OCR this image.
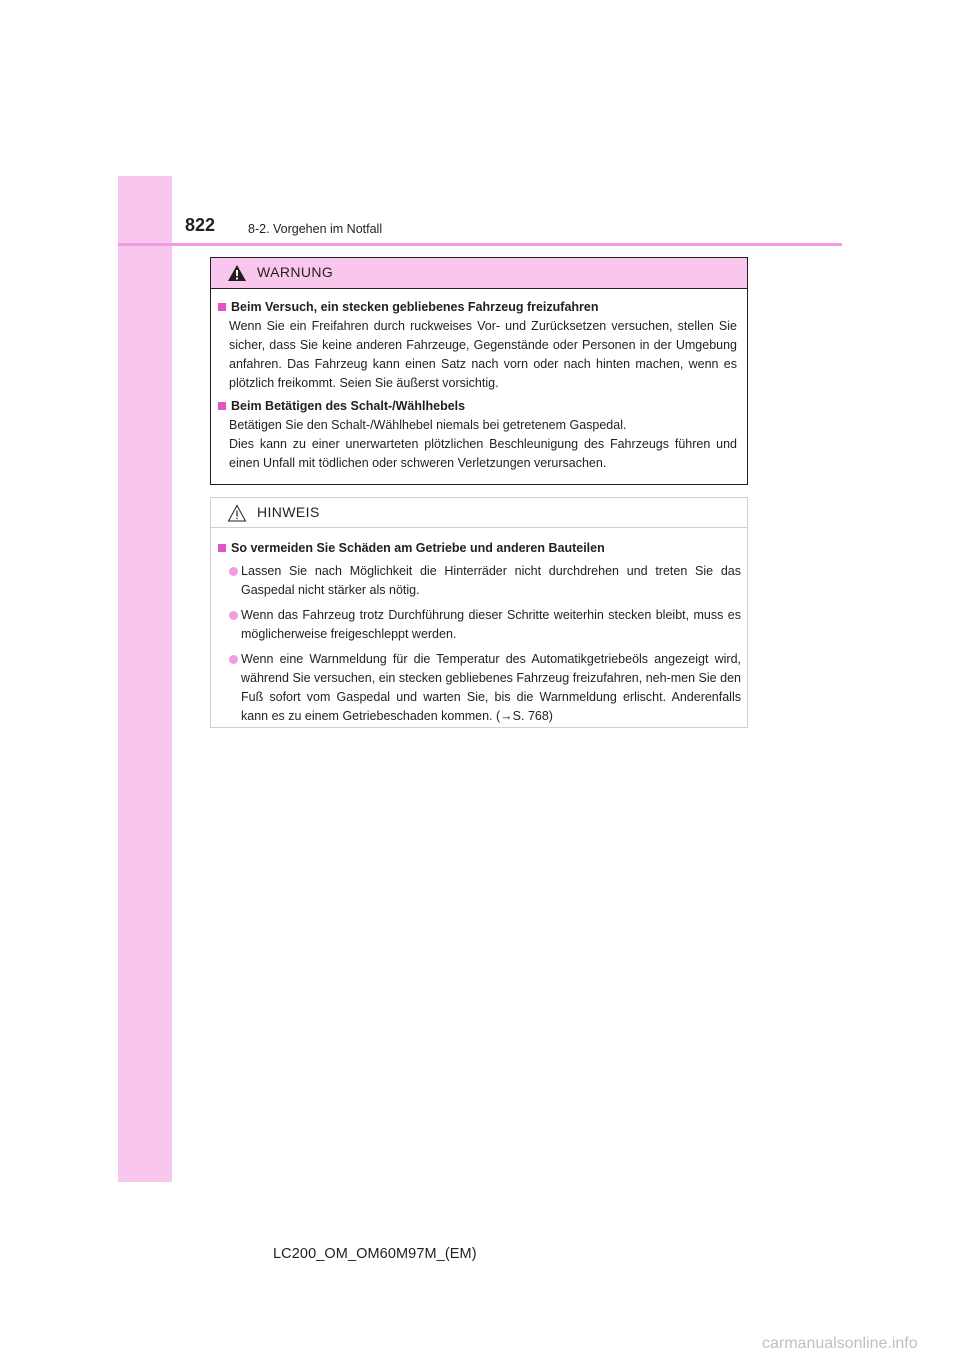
822	8-2. Vorgehen im Notfall
WARNUNG
Beim Versuch, ein stecken gebliebenes Fahrzeug freizufahren

Wenn Sie ein Freifahren durch ruckweises Vor- und Zurücksetzen versuchen, stellen Sie sicher, dass Sie keine anderen Fahrzeuge, Gegenstände oder Personen in der Umgebung anfahren. Das Fahrzeug kann einen Satz nach vorn oder nach hinten machen, wenn es plötzlich freikommt. Seien Sie äußerst vorsichtig.

Beim Betätigen des Schalt-/Wählhebels

Betätigen Sie den Schalt-/Wählhebel niemals bei getretenem Gaspedal.

Dies kann zu einer unerwarteten plötzlichen Beschleunigung des Fahrzeugs führen und einen Unfall mit tödlichen oder schweren Verletzungen verursachen.

HINWEIS
So vermeiden Sie Schäden am Getriebe und anderen Bauteilen
Lassen Sie nach Möglichkeit die Hinterräder nicht durchdrehen und treten Sie das Gaspedal nicht stärker als nötig.
Wenn das Fahrzeug trotz Durchführung dieser Schritte weiterhin stecken bleibt, muss es möglicherweise freigeschleppt werden.
Wenn eine Warnmeldung für die Temperatur des Automatikgetriebeöls angezeigt wird, während Sie versuchen, ein stecken gebliebenes Fahrzeug freizufahren, neh-men Sie den Fuß sofort vom Gaspedal und warten Sie, bis die Warnmeldung erlischt. Anderenfalls kann es zu einem Getriebeschaden kommen. (→S. 768)
LC200_OM_OM60M97M_(EM)
carmanualsonline.info
